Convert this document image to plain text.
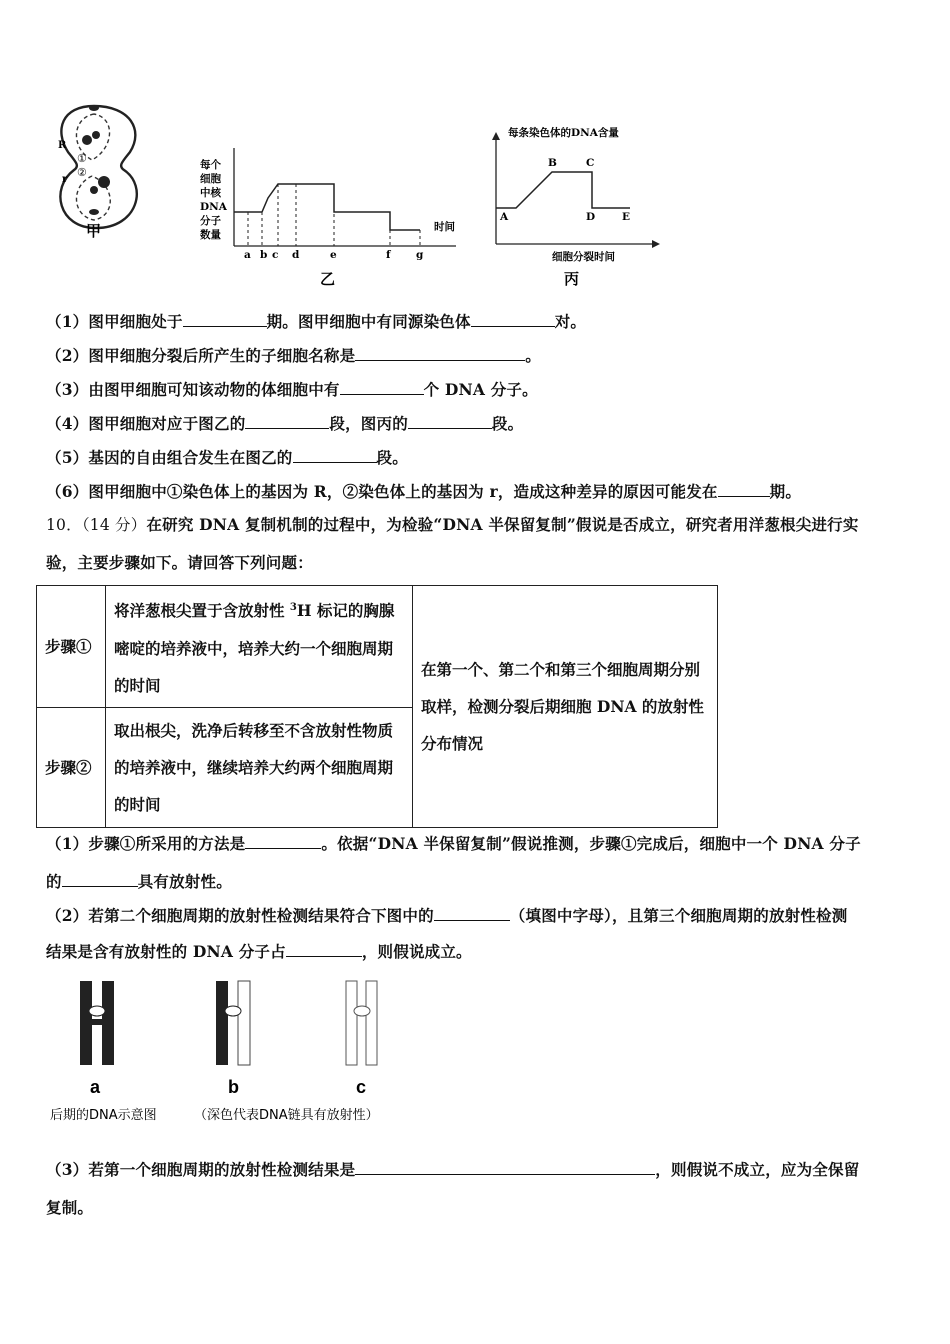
R
①
②
r
甲
每个
细胞
中核
DNA
分子
数量
时间
a b c d	e	f g
乙
每条染色体的DNA含量
A
B	C
D	E
细胞分裂时间
丙
（1）图甲细胞处于	期。图甲细胞中有同源染色体	对。
（2）图甲细胞分裂后所产生的子细胞名称是	。
（3）由图甲细胞可知该动物的体细胞中有	个 DNA 分子。
（4）图甲细胞对应于图乙的	段，图丙的	段。
（5）基因的自由组合发生在图乙的	段。
（6）图甲细胞中①染色体上的基因为 R，②染色体上的基因为 r，造成这种差异的原因可能发在	期。
10．（14 分）在研究 DNA 复制机制的过程中，为检验“DNA 半保留复制”假说是否成立，研究者用洋葱根尖进行实
验，主要步骤如下。请回答下列问题：
步骤①	将洋葱根尖置于含放射性 $^3$H 标记的胸腺嘧啶的培养液中，培养大约一个细胞周期的时间	在第一个、第二个和第三个细胞周期分别取样，检测分裂后期细胞 DNA 的放射性分布情况
步骤②	取出根尖，洗净后转移至不含放射性物质的培养液中，继续培养大约两个细胞周期的时间	
（1）步骤①所采用的方法是	。依据“DNA 半保留复制”假说推测，步骤①完成后，细胞中一个 DNA 分子
的	具有放射性。
（2）若第二个细胞周期的放射性检测结果符合下图中的	（填图中字母），且第三个细胞周期的放射性检测
结果是含有放射性的 DNA 分子占	，则假说成立。
a	b	c
后期的DNA示意图	（深色代表DNA链具有放射性）
（3）若第一个细胞周期的放射性检测结果是	，则假说不成立，应为全保留
复制。
